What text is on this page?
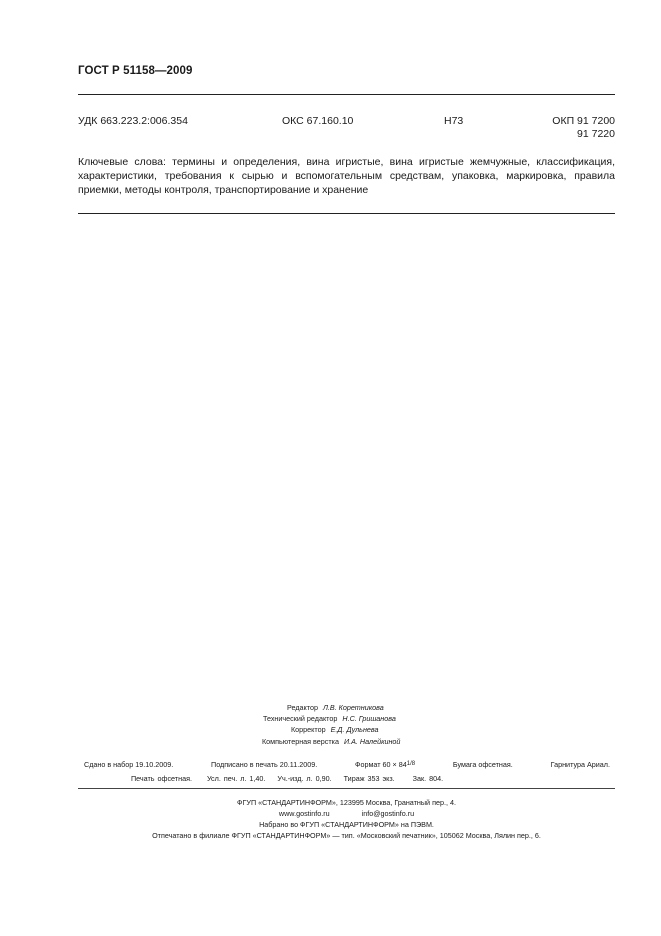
ГОСТ Р 51158—2009
УДК 663.223.2:006.354	ОКС 67.160.10	Н73	ОКП 91 7200
91 7220
Ключевые слова: термины и определения, вина игристые, вина игристые жемчужные, классификация, характеристики, требования к сырью и вспомогательным средствам, упаковка, маркировка, правила приемки, методы контроля, транспортирование и хранение
Редактор Л.В. Коретникова
Технический редактор Н.С. Гришанова
Корректор Е.Д. Дульнева
Компьютерная верстка И.А. Налейкиной
Сдано в набор 19.10.2009.	Подписано в печать 20.11.2009.	Формат $60 \times 84^{1/8}$	Бумага офсетная.	Гарнитура Ариал.
Печать офсетная. Усл. печ. л. 1,40. Уч.-изд. л. 0,90. Тираж 353 экз. Зак. 804.
ФГУП «СТАНДАРТИНФОРМ», 123995 Москва, Гранатный пер., 4.
www.gostinfo.ru	info@gostinfo.ru
Набрано во ФГУП «СТАНДАРТИНФОРМ» на ПЭВМ.
Отпечатано в филиале ФГУП «СТАНДАРТИНФОРМ» — тип. «Московский печатник», 105062 Москва, Лялин пер., 6.
